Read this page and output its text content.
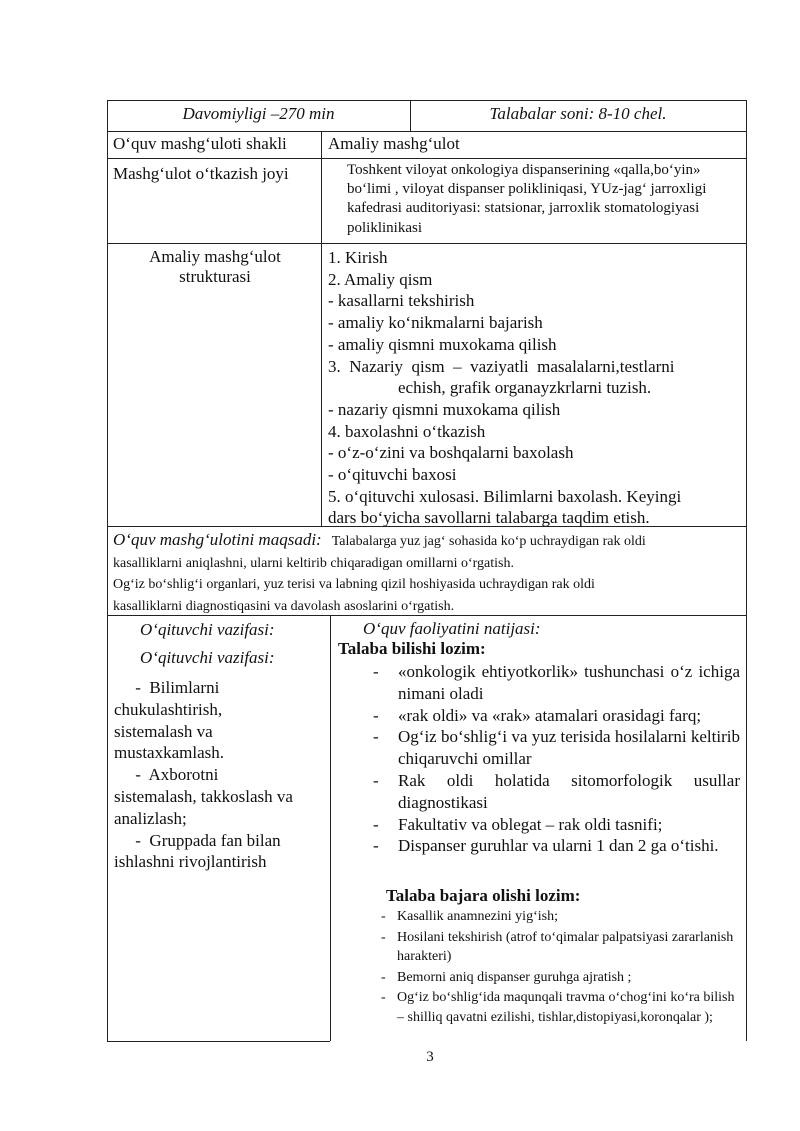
Davomiyligi –270 min	Talabalar soni: 8-10 chel.
O‘quv mashg‘uloti shakli Amaliy mashg‘ulot
Mashg‘ulot o‘tkazish joyi	Toshkent viloyat onkologiya dispanserining «qalla,bo‘yin» bo‘limi , viloyat dispanser polikliniqasi, YUz-jag‘ jarroxligi kafedrasi auditoriyasi: statsionar, jarroxlik stomatologiyasi poliklinikasi
Amaliy mashg‘ulot strukturasi
1. Kirish
2. Amaliy qism
- kasallarni tekshirish
- amaliy ko‘nikmalarni bajarish
- amaliy qismni muxokama qilish
3.  Nazariy  qism  –  vaziyatli  masalalarni,testlarni
echish, grafik organayzkrlarni tuzish.
- nazariy qismni muxokama qilish
4. baxolashni o‘tkazish
- o‘z-o‘zini va boshqalarni baxolash
- o‘qituvchi baxosi
5. o‘qituvchi xulosasi. Bilimlarni baxolash. Keyingi
dars bo‘yicha savollarni talabarga taqdim etish.
O‘quv mashg‘ulotini maqsadi: Talabalarga yuz jag‘ sohasida ko‘p uchraydigan rak oldi
kasalliklarni aniqlashni, ularni keltirib chiqaradigan omillarni o‘rgatish.
Og‘iz bo‘shlig‘i organlari, yuz terisi va labning qizil hoshiyasida uchraydigan rak oldi
kasalliklarni diagnostiqasini va davolash asoslarini o‘rgatish.
O‘qituvchi vazifasi:
O‘qituvchi vazifasi:
-  Bilimlarni
chukulashtirish,
sistemalash va
mustaxkamlash.
-  Axborotni
sistemalash, takkoslash va
analizlash;
-  Gruppada fan bilan
ishlashni rivojlantirish
O‘quv faoliyatini natijasi:
Talaba bilishi lozim:
- «onkologik ehtiyotkorlik» tushunchasi o‘z ichiga nimani oladi
- «rak oldi» va «rak» atamalari orasidagi farq;
- Og‘iz bo‘shlig‘i va yuz terisida hosilalarni keltirib chiqaruvchi omillar
- Rak oldi holatida sitomorfologik usullar diagnostikasi
- Fakultativ va oblegat – rak oldi tasnifi;
- Dispanser guruhlar va ularni 1 dan 2 ga o‘tishi.
Talaba bajara olishi lozim:
- Kasallik anamnezini yig‘ish;
- Hosilani tekshirish (atrof to‘qimalar palpatsiyasi zararlanish harakteri)
- Bemorni aniq dispanser guruhga ajratish ;
- Og‘iz bo‘shlig‘ida maqunqali travma o‘chog‘ini ko‘ra bilish – shilliq qavatni ezilishi, tishlar,distopiyasi,koronqalar );
3
